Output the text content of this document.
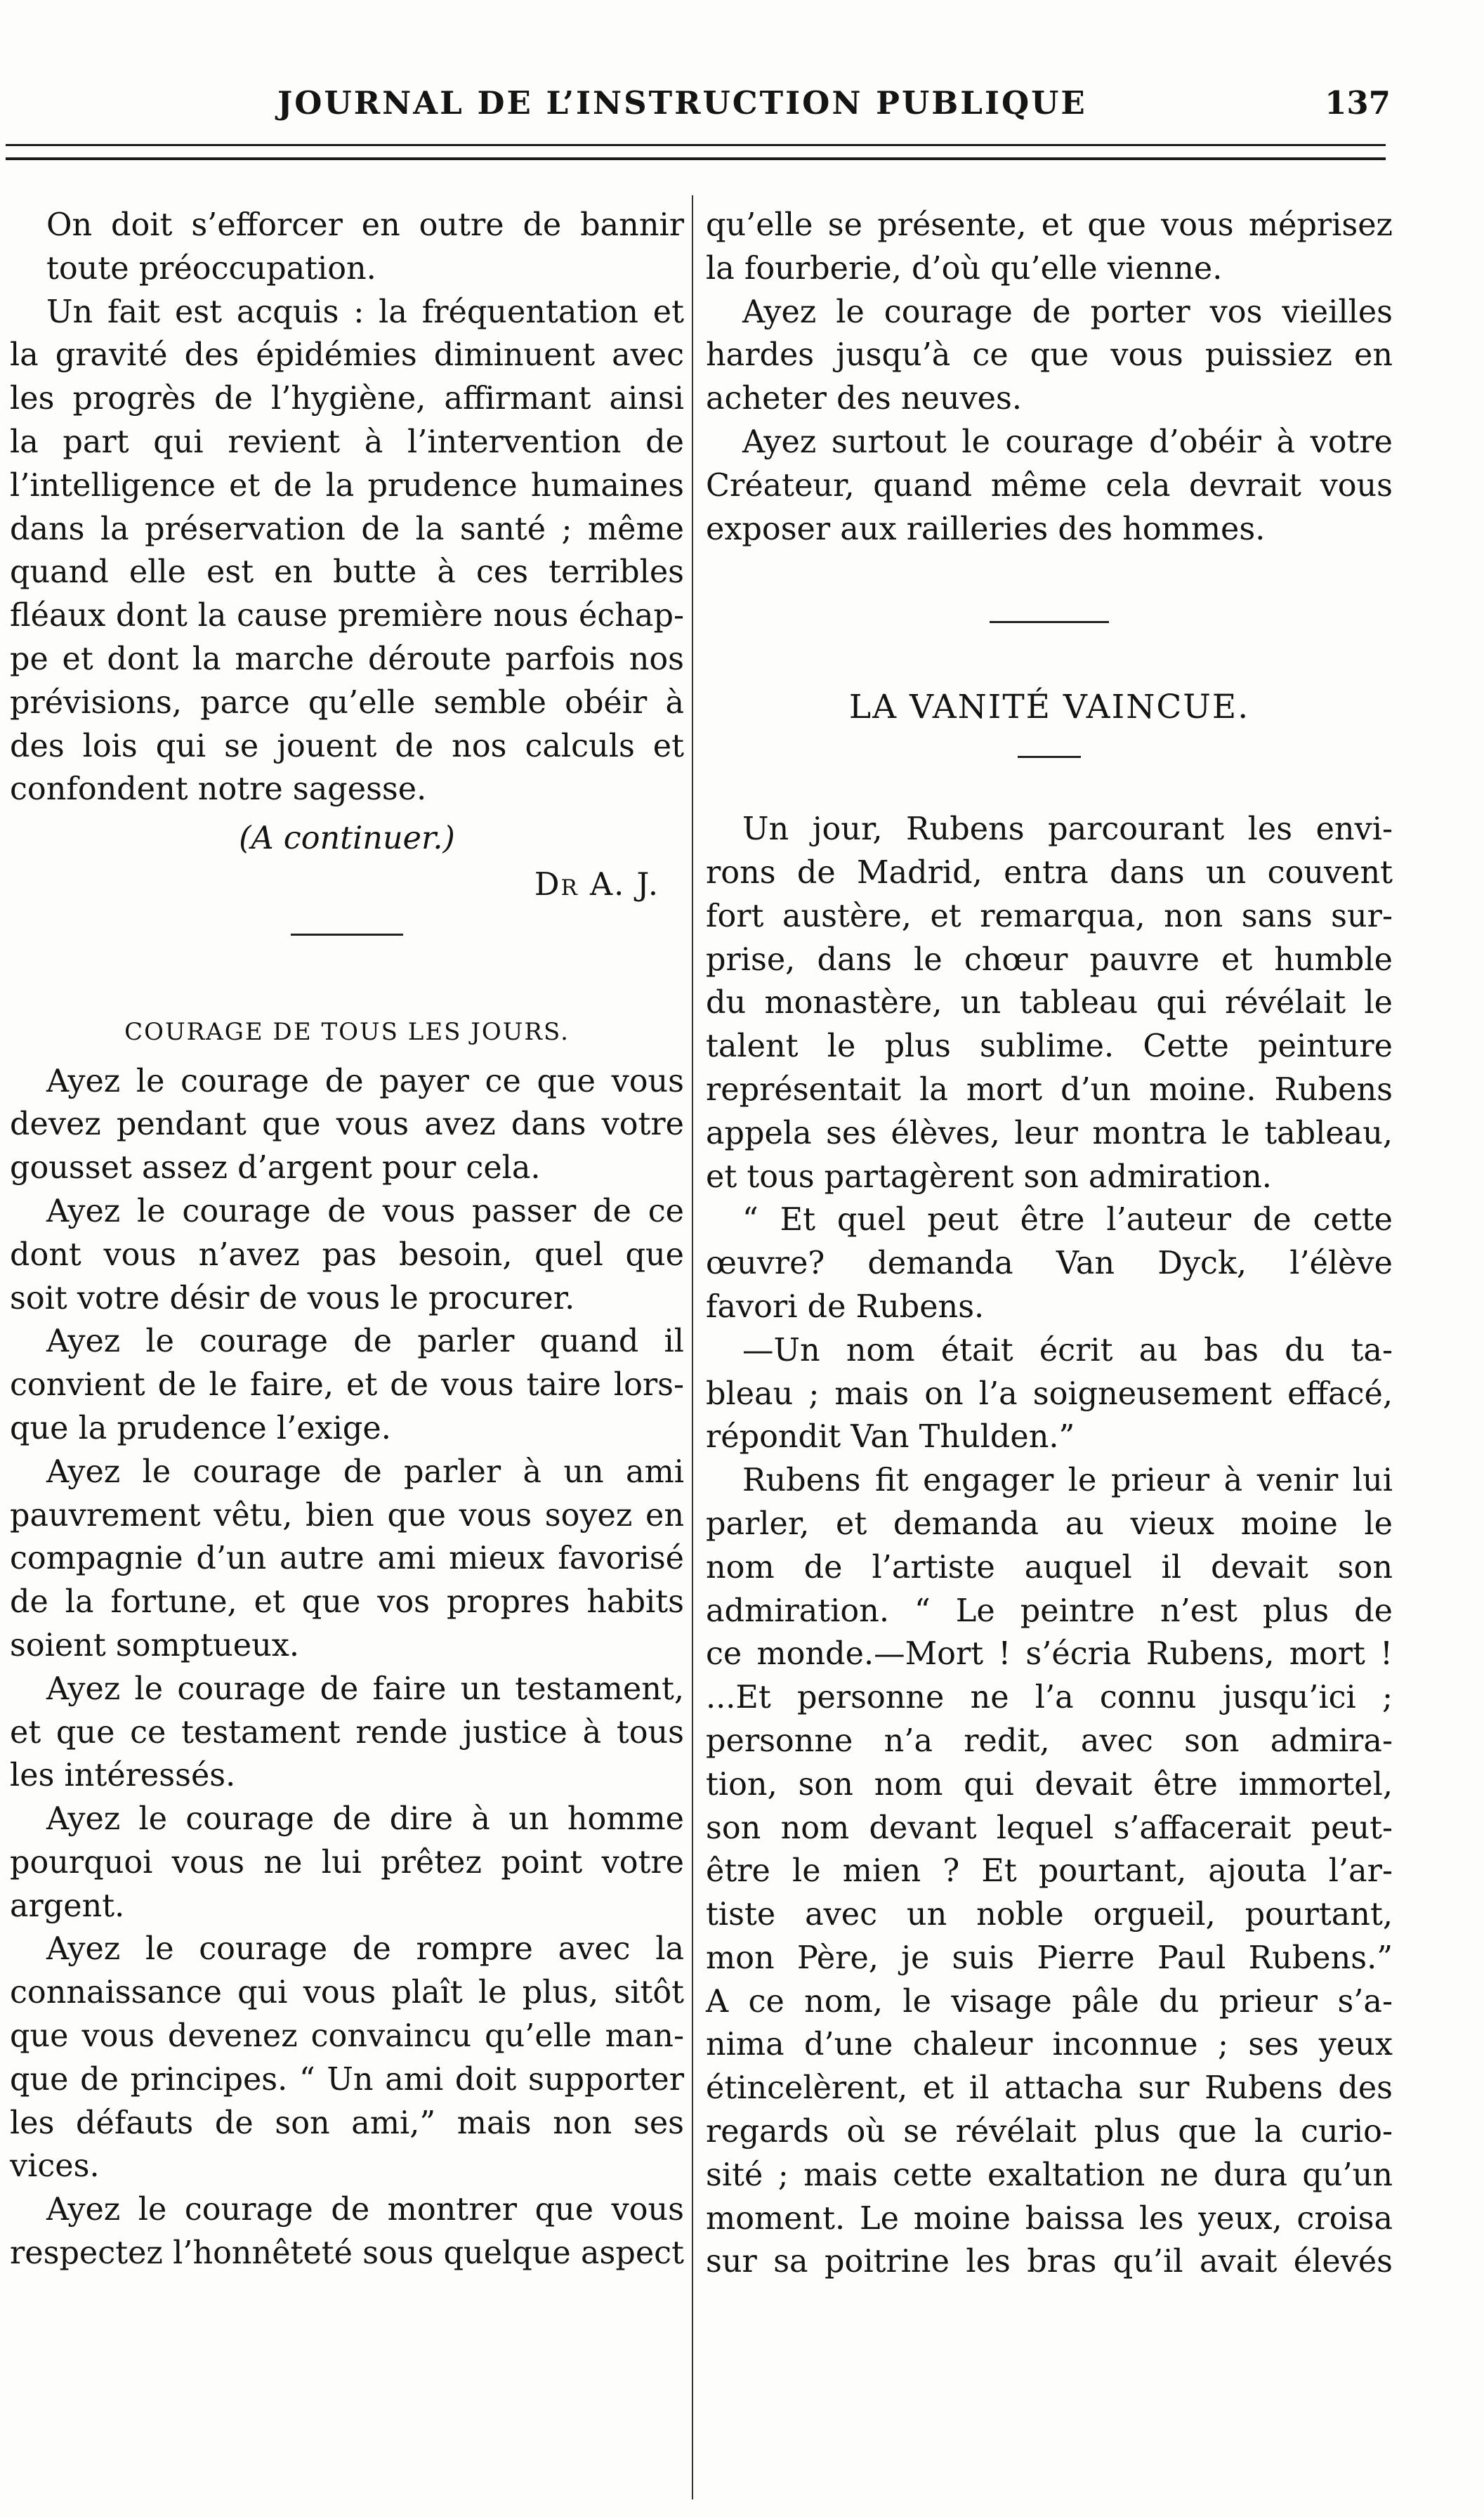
JOURNAL DE L’INSTRUCTION PUBLIQUE	137

On doit s’efforcer en outre de bannir

toute préoccupation.

Un fait est acquis : la fréquentation et

la gravité des épidémies diminuent avec

les progrès de l’hygiène, affirmant ainsi

la part qui revient à l’intervention de

l’intelligence et de la prudence humaines

dans la préservation de la santé ; même

quand elle est en butte à ces terribles

fléaux dont la cause première nous échap-

pe et dont la marche déroute parfois nos

prévisions, parce qu’elle semble obéir à

des lois qui se jouent de nos calculs et

confondent notre sagesse.

(A continuer.)

Dr A. J.

COURAGE DE TOUS LES JOURS.

Ayez le courage de payer ce que vous

devez pendant que vous avez dans votre

gousset assez d’argent pour cela.

Ayez le courage de vous passer de ce

dont vous n’avez pas besoin, quel que

soit votre désir de vous le procurer.

Ayez le courage de parler quand il

convient de le faire, et de vous taire lors-

que la prudence l’exige.

Ayez le courage de parler à un ami

pauvrement vêtu, bien que vous soyez en

compagnie d’un autre ami mieux favorisé

de la fortune, et que vos propres habits

soient somptueux.

Ayez le courage de faire un testament,

et que ce testament rende justice à tous

les intéressés.

Ayez le courage de dire à un homme

pourquoi vous ne lui prêtez point votre

argent.

Ayez le courage de rompre avec la

connaissance qui vous plaît le plus, sitôt

que vous devenez convaincu qu’elle man-

que de principes. “ Un ami doit supporter

les défauts de son ami,” mais non ses

vices.

Ayez le courage de montrer que vous

respectez l’honnêteté sous quelque aspect

qu’elle se présente, et que vous méprisez

la fourberie, d’où qu’elle vienne.

Ayez le courage de porter vos vieilles

hardes jusqu’à ce que vous puissiez en

acheter des neuves.

Ayez surtout le courage d’obéir à votre

Créateur, quand même cela devrait vous

exposer aux railleries des hommes.

LA VANITÉ VAINCUE.

Un jour, Rubens parcourant les envi-

rons de Madrid, entra dans un couvent

fort austère, et remarqua, non sans sur-

prise, dans le chœur pauvre et humble

du monastère, un tableau qui révélait le

talent le plus sublime. Cette peinture

représentait la mort d’un moine. Rubens

appela ses élèves, leur montra le tableau,

et tous partagèrent son admiration.

“ Et quel peut être l’auteur de cette

œuvre? demanda Van Dyck, l’élève

favori de Rubens.

—Un nom était écrit au bas du ta-

bleau ; mais on l’a soigneusement effacé,

répondit Van Thulden.”

Rubens fit engager le prieur à venir lui

parler, et demanda au vieux moine le

nom de l’artiste auquel il devait son

admiration. “ Le peintre n’est plus de

ce monde.—Mort ! s’écria Rubens, mort !

...Et personne ne l’a connu jusqu’ici ;

personne n’a redit, avec son admira-

tion, son nom qui devait être immortel,

son nom devant lequel s’affacerait peut-

être le mien ? Et pourtant, ajouta l’ar-

tiste avec un noble orgueil, pourtant,

mon Père, je suis Pierre Paul Rubens.”

A ce nom, le visage pâle du prieur s’a-

nima d’une chaleur inconnue ; ses yeux

étincelèrent, et il attacha sur Rubens des

regards où se révélait plus que la curio-

sité ; mais cette exaltation ne dura qu’un

moment. Le moine baissa les yeux, croisa

sur sa poitrine les bras qu’il avait élevés
